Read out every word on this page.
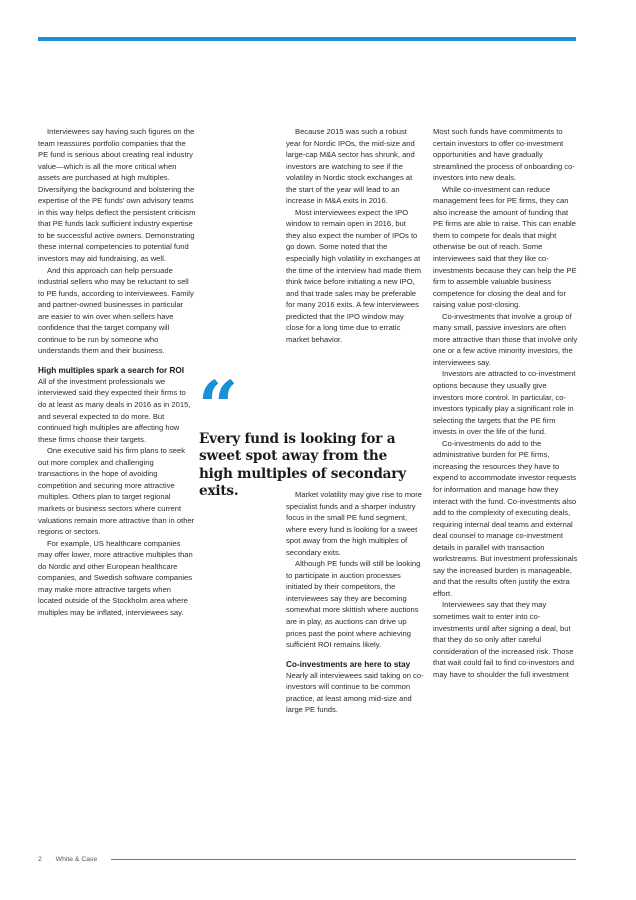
Interviewees say having such figures on the team reassures portfolio companies that the PE fund is serious about creating real industry value—which is all the more critical when assets are purchased at high multiples. Diversifying the background and bolstering the expertise of the PE funds' own advisory teams in this way helps deflect the persistent criticism that PE funds lack sufficient industry expertise to be successful active owners. Demonstrating these internal competencies to potential fund investors may aid fundraising, as well.

And this approach can help persuade industrial sellers who may be reluctant to sell to PE funds, according to interviewees. Family and partner-owned businesses in particular are easier to win over when sellers have confidence that the target company will continue to be run by someone who understands them and their business.

High multiples spark a search for ROI

All of the investment professionals we interviewed said they expected their firms to do at least as many deals in 2016 as in 2015, and several expected to do more. But continued high multiples are affecting how these firms choose their targets.

One executive said his firm plans to seek out more complex and challenging transactions in the hope of avoiding competition and securing more attractive multiples. Others plan to target regional markets or business sectors where current valuations remain more attractive than in other regions or sectors.

For example, US healthcare companies may offer lower, more attractive multiples than do Nordic and other European healthcare companies, and Swedish software companies may make more attractive targets when located outside of the Stockholm area where multiples may be inflated, interviewees say.

Because 2015 was such a robust year for Nordic IPOs, the mid-size and large-cap M&A sector has shrunk, and investors are watching to see if the volatility in Nordic stock exchanges at the start of the year will lead to an increase in M&A exits in 2016.

Most interviewees expect the IPO window to remain open in 2016, but they also expect the number of IPOs to go down. Some noted that the especially high volatility in exchanges at the time of the interview had made them think twice before initiating a new IPO, and that trade sales may be preferable for many 2016 exits. A few interviewees predicted that the IPO window may close for a long time due to erratic market behavior.

“
Every fund is looking for a sweet spot away from the high multiples of secondary exits.	Market volatility may give rise to more specialist funds and a sharper industry focus in the small PE fund segment, where every fund is looking for a sweet spot away from the high multiples of secondary exits.

Although PE funds will still be looking to participate in auction processes initiated by their competitors, the interviewees say they are becoming somewhat more skittish where auctions are in play, as auctions can drive up prices past the point where achieving sufficient ROI remains likely.

Co-investments are here to stay

Nearly all interviewees said taking on co-investors will continue to be common practice, at least among mid-size and large PE funds.

Most such funds have commitments to certain investors to offer co-investment opportunities and have gradually streamlined the process of onboarding co-investors into new deals.

While co-investment can reduce management fees for PE firms, they can also increase the amount of funding that PE firms are able to raise. This can enable them to compete for deals that might otherwise be out of reach. Some interviewees said that they like co-investments because they can help the PE firm to assemble valuable business competence for closing the deal and for raising value post-closing.

Co-investments that involve a group of many small, passive investors are often more attractive than those that involve only one or a few active minority investors, the interviewees say.

Investors are attracted to co-investment options because they usually give investors more control. In particular, co-investors typically play a significant role in selecting the targets that the PE firm invests in over the life of the fund.

Co-investments do add to the administrative burden for PE firms, increasing the resources they have to expend to accommodate investor requests for information and manage how they interact with the fund. Co-investments also add to the complexity of executing deals, requiring internal deal teams and external deal counsel to manage co-investment details in parallel with transaction workstreams. But investment professionals say the increased burden is manageable, and that the results often justify the extra effort.

Interviewees say that they may sometimes wait to enter into co-investments until after signing a deal, but that they do so only after careful consideration of the increased risk. Those that wait could fail to find co-investors and may have to shoulder the full investment

2 White & Case
